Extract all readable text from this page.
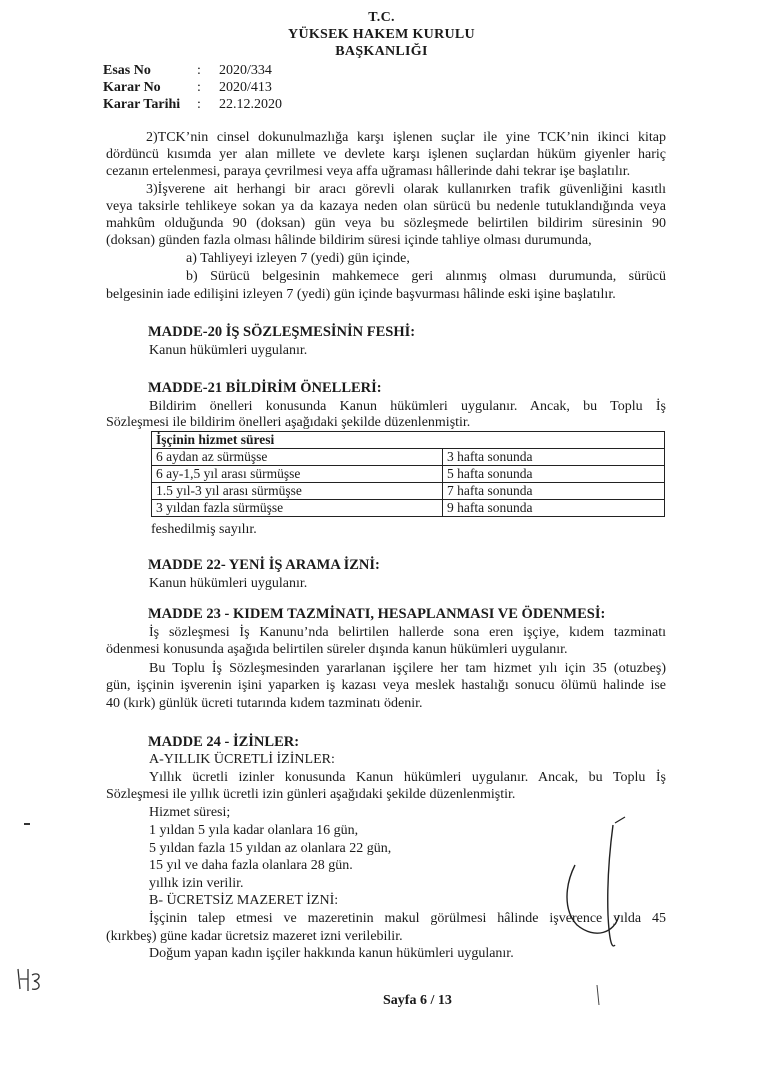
T.C.
YÜKSEK HAKEM KURULU
BAŞKANLIĞI
Esas No	: 2020/334
Karar No	: 2020/413
Karar Tarihi : 22.12.2020
2)TCK’nin cinsel dokunulmazlığa karşı işlenen suçlar ile yine TCK’nin ikinci kitap
dördüncü kısımda yer alan millete ve devlete karşı işlenen suçlardan hüküm giyenler hariç
cezanın ertelenmesi, paraya çevrilmesi veya affa uğraması hâllerinde dahi tekrar işe başlatılır.
3)İşverene ait herhangi bir aracı görevli olarak kullanırken trafik güvenliğini kasıtlı
veya taksirle tehlikeye sokan ya da kazaya neden olan sürücü bu nedenle tutuklandığında veya
mahkûm olduğunda 90 (doksan) gün veya bu sözleşmede belirtilen bildirim süresinin 90
(doksan) günden fazla olması hâlinde bildirim süresi içinde tahliye olması durumunda,
a) Tahliyeyi izleyen 7 (yedi) gün içinde,
b) Sürücü belgesinin mahkemece geri alınmış olması durumunda, sürücü
belgesinin iade edilişini izleyen 7 (yedi) gün içinde başvurması hâlinde eski işine başlatılır.
MADDE-20 İŞ SÖZLEŞMESİNİN FESHİ:
Kanun hükümleri uygulanır.
MADDE-21 BİLDİRİM ÖNELLERİ:
Bildirim önelleri konusunda Kanun hükümleri uygulanır. Ancak, bu Toplu İş
Sözleşmesi ile bildirim önelleri aşağıdaki şekilde düzenlenmiştir.
İşçinin hizmet süresi	
6 aydan az sürmüşse	3 hafta sonunda
6 ay-1,5 yıl arası sürmüşse	5 hafta sonunda
1.5 yıl-3 yıl arası sürmüşse	7 hafta sonunda
3 yıldan fazla sürmüşse	9 hafta sonunda
feshedilmiş sayılır.
MADDE 22- YENİ İŞ ARAMA İZNİ:
Kanun hükümleri uygulanır.
MADDE 23 - KIDEM TAZMİNATI, HESAPLANMASI VE ÖDENMESİ:
İş sözleşmesi İş Kanunu’nda belirtilen hallerde sona eren işçiye, kıdem tazminatı
ödenmesi konusunda aşağıda belirtilen süreler dışında kanun hükümleri uygulanır.
Bu Toplu İş Sözleşmesinden yararlanan işçilere her tam hizmet yılı için 35 (otuzbeş)
gün, işçinin işverenin işini yaparken iş kazası veya meslek hastalığı sonucu ölümü halinde ise
40 (kırk) günlük ücreti tutarında kıdem tazminatı ödenir.
MADDE 24 - İZİNLER:
A-YILLIK ÜCRETLİ İZİNLER:
Yıllık ücretli izinler konusunda Kanun hükümleri uygulanır. Ancak, bu Toplu İş
Sözleşmesi ile yıllık ücretli izin günleri aşağıdaki şekilde düzenlenmiştir.
Hizmet süresi;
1 yıldan 5 yıla kadar olanlara 16 gün,
5 yıldan fazla 15 yıldan az olanlara 22 gün,
15 yıl ve daha fazla olanlara 28 gün.
yıllık izin verilir.
B- ÜCRETSİZ MAZERET İZNİ:
İşçinin talep etmesi ve mazeretinin makul görülmesi hâlinde işverence yılda 45
(kırkbeş) güne kadar ücretsiz mazeret izni verilebilir.
Doğum yapan kadın işçiler hakkında kanun hükümleri uygulanır.
Sayfa 6 / 13
